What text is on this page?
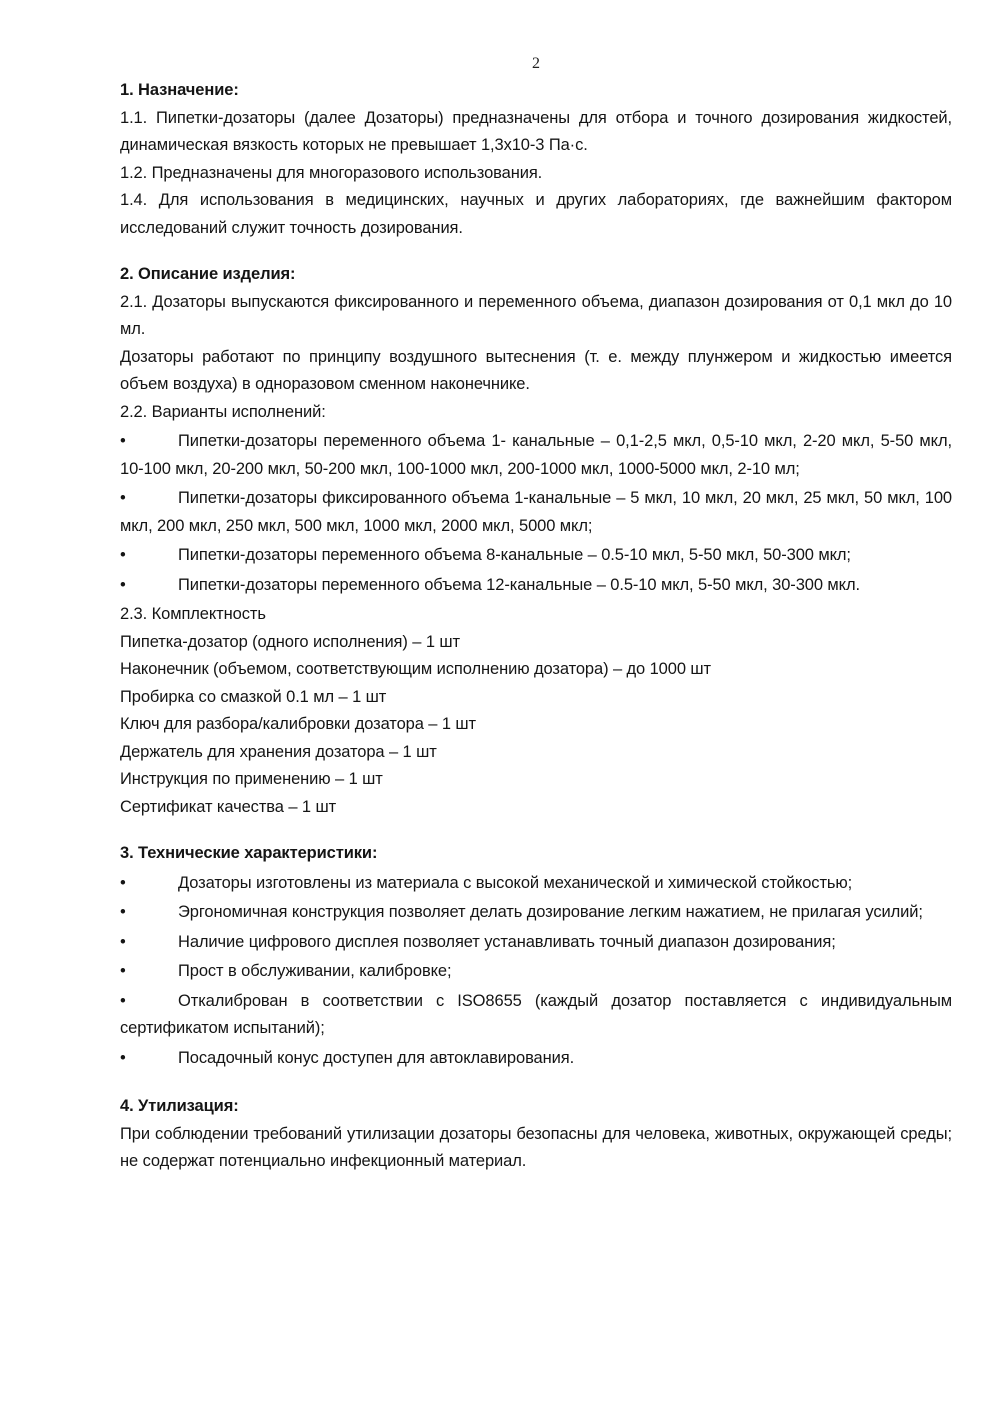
2

1. Назначение:

1.1. Пипетки-дозаторы (далее Дозаторы) предназначены для отбора и точного дозирования жидкостей, динамическая вязкость которых не превышает 1,3х10-3 Па·с.

1.2. Предназначены для многоразового использования.

1.4. Для использования в медицинских, научных и других лабораториях, где важнейшим фактором исследований служит точность дозирования.

2. Описание изделия:

2.1. Дозаторы выпускаются фиксированного и переменного объема, диапазон дозирования от 0,1 мкл до 10 мл.

Дозаторы работают по принципу воздушного вытеснения (т. е. между плунжером и жидкостью имеется объем воздуха) в одноразовом сменном наконечнике.

2.2. Варианты исполнений:

•	Пипетки-дозаторы переменного объема 1- канальные – 0,1-2,5 мкл, 0,5-10 мкл, 2-20 мкл, 5-50 мкл, 10-100 мкл, 20-200 мкл, 50-200 мкл, 100-1000 мкл, 200-1000 мкл, 1000-5000 мкл, 2-10 мл;

•	Пипетки-дозаторы фиксированного объема 1-канальные – 5 мкл, 10 мкл, 20 мкл, 25 мкл, 50 мкл, 100 мкл, 200 мкл, 250 мкл, 500 мкл, 1000 мкл, 2000 мкл, 5000 мкл;

•	Пипетки-дозаторы переменного объема 8-канальные – 0.5-10 мкл, 5-50 мкл, 50-300 мкл;

•	Пипетки-дозаторы переменного объема 12-канальные – 0.5-10 мкл, 5-50 мкл, 30-300 мкл.

2.3. Комплектность

Пипетка-дозатор (одного исполнения) – 1 шт

Наконечник (объемом, соответствующим исполнению дозатора) – до 1000 шт

Пробирка со смазкой 0.1 мл – 1 шт

Ключ для разбора/калибровки дозатора – 1 шт

Держатель для хранения дозатора – 1 шт

Инструкция по применению – 1 шт

Сертификат качества – 1 шт

3. Технические характеристики:

•	Дозаторы изготовлены из материала с высокой механической и химической стойкостью;

•	Эргономичная конструкция позволяет делать дозирование легким нажатием, не прилагая усилий;

•	Наличие цифрового дисплея позволяет устанавливать точный диапазон дозирования;

•	Прост в обслуживании, калибровке;

•	Откалиброван в соответствии с ISO8655 (каждый дозатор поставляется с индивидуальным сертификатом испытаний);

•	Посадочный конус доступен для автоклавирования.

4. Утилизация:

При соблюдении требований утилизации дозаторы безопасны для человека, животных, окружающей среды; не содержат потенциально инфекционный материал.
